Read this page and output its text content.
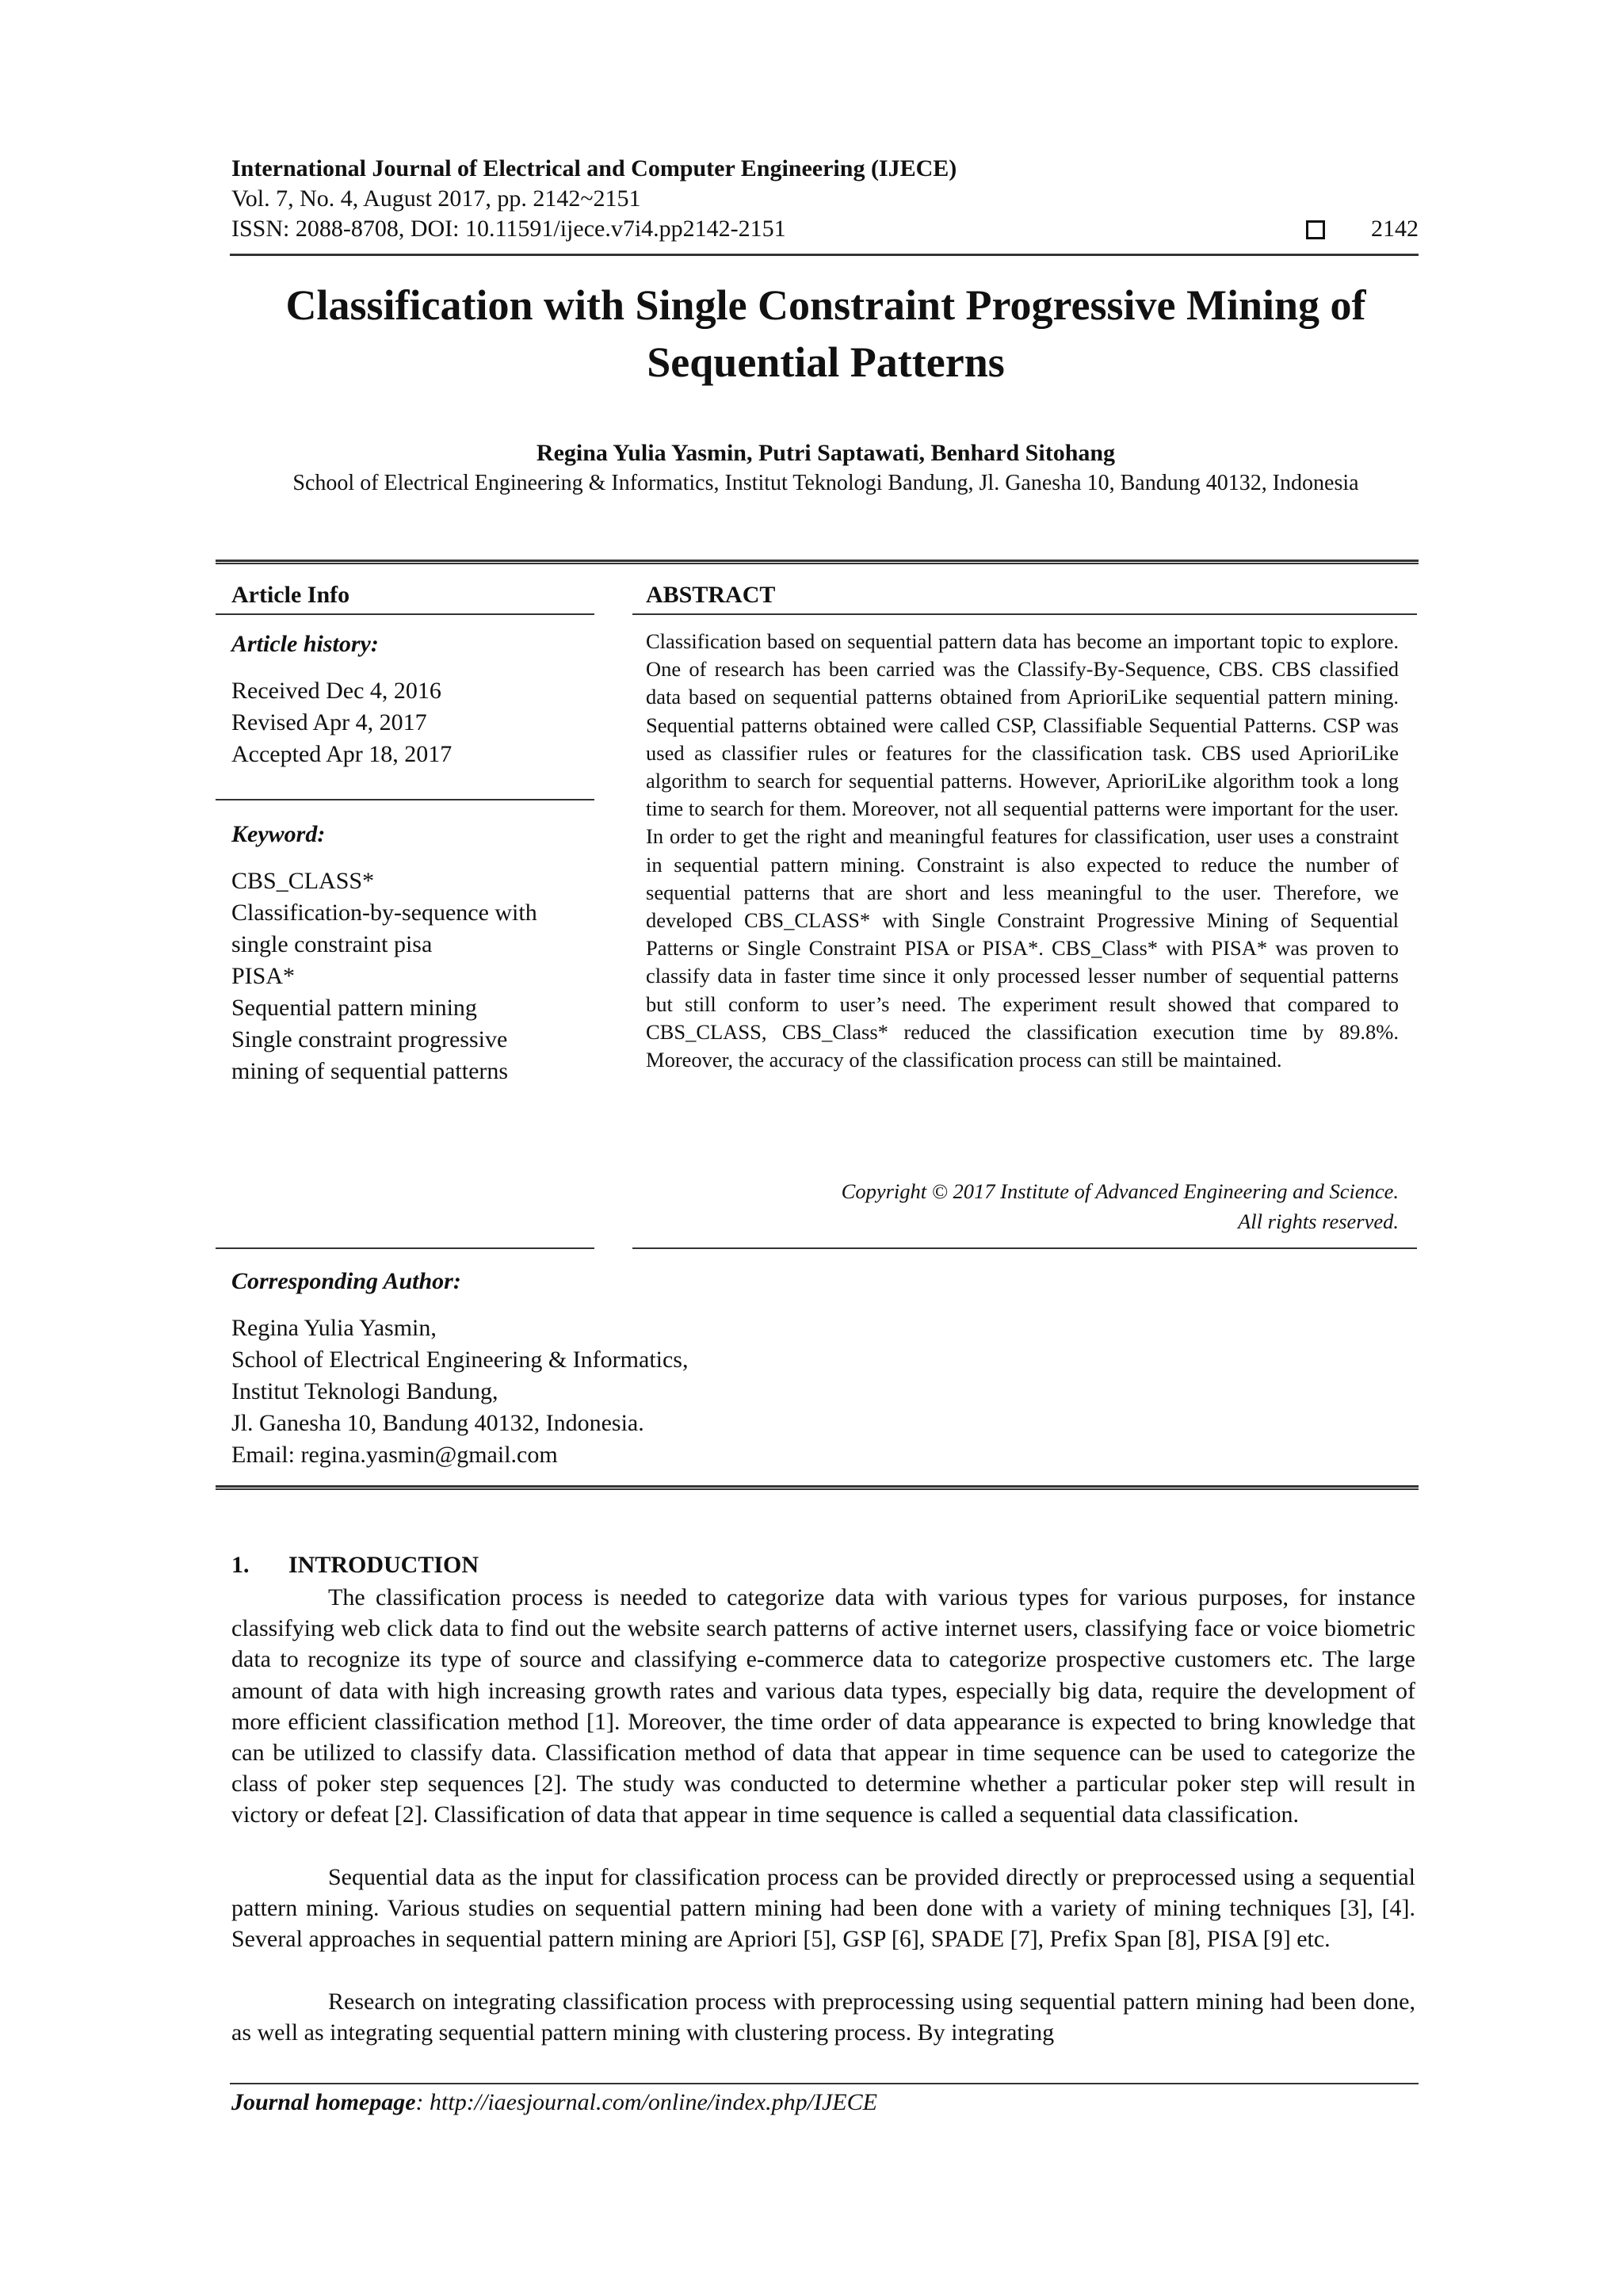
International Journal of Electrical and Computer Engineering (IJECE)
Vol. 7, No. 4, August 2017, pp. 2142~2151
ISSN: 2088-8708, DOI: 10.11591/ijece.v7i4.pp2142-2151	2142
Classification with Single Constraint Progressive Mining of
Sequential Patterns
Regina Yulia Yasmin, Putri Saptawati, Benhard Sitohang
School of Electrical Engineering & Informatics, Institut Teknologi Bandung, Jl. Ganesha 10, Bandung 40132, Indonesia
Article Info
Article history:
Received Dec 4, 2016
Revised Apr 4, 2017
Accepted Apr 18, 2017
Keyword:
CBS_CLASS*
Classification-by-sequence with
single constraint pisa
PISA*
Sequential pattern mining
Single constraint progressive
mining of sequential patterns
ABSTRACT
Classification based on sequential pattern data has become an important topic to explore. One of research has been carried was the Classify-By-Sequence, CBS. CBS classified data based on sequential patterns obtained from AprioriLike sequential pattern mining. Sequential patterns obtained were called CSP, Classifiable Sequential Patterns. CSP was used as classifier rules or features for the classification task. CBS used AprioriLike algorithm to search for sequential patterns. However, AprioriLike algorithm took a long time to search for them. Moreover, not all sequential patterns were important for the user. In order to get the right and meaningful features for classification, user uses a constraint in sequential pattern mining. Constraint is also expected to reduce the number of sequential patterns that are short and less meaningful to the user. Therefore, we developed CBS_CLASS* with Single Constraint Progressive Mining of Sequential Patterns or Single Constraint PISA or PISA*. CBS_Class* with PISA* was proven to classify data in faster time since it only processed lesser number of sequential patterns but still conform to user’s need. The experiment result showed that compared to CBS_CLASS, CBS_Class* reduced the classification execution time by 89.8%. Moreover, the accuracy of the classification process can still be maintained.
Copyright © 2017 Institute of Advanced Engineering and Science.
All rights reserved.
Corresponding Author:
Regina Yulia Yasmin,
School of Electrical Engineering & Informatics,
Institut Teknologi Bandung,
Jl. Ganesha 10, Bandung 40132, Indonesia.
Email: regina.yasmin@gmail.com
1. INTRODUCTION

The classification process is needed to categorize data with various types for various purposes, for instance classifying web click data to find out the website search patterns of active internet users, classifying face or voice biometric data to recognize its type of source and classifying e-commerce data to categorize prospective customers etc. The large amount of data with high increasing growth rates and various data types, especially big data, require the development of more efficient classification method [1]. Moreover, the time order of data appearance is expected to bring knowledge that can be utilized to classify data. Classification method of data that appear in time sequence can be used to categorize the class of poker step sequences [2]. The study was conducted to determine whether a particular poker step will result in victory or defeat [2]. Classification of data that appear in time sequence is called a sequential data classification.

Sequential data as the input for classification process can be provided directly or preprocessed using a sequential pattern mining. Various studies on sequential pattern mining had been done with a variety of mining techniques [3], [4]. Several approaches in sequential pattern mining are Apriori [5], GSP [6], SPADE [7], Prefix Span [8], PISA [9] etc.

Research on integrating classification process with preprocessing using sequential pattern mining had been done, as well as integrating sequential pattern mining with clustering process. By integrating

Journal homepage: http://iaesjournal.com/online/index.php/IJECE
